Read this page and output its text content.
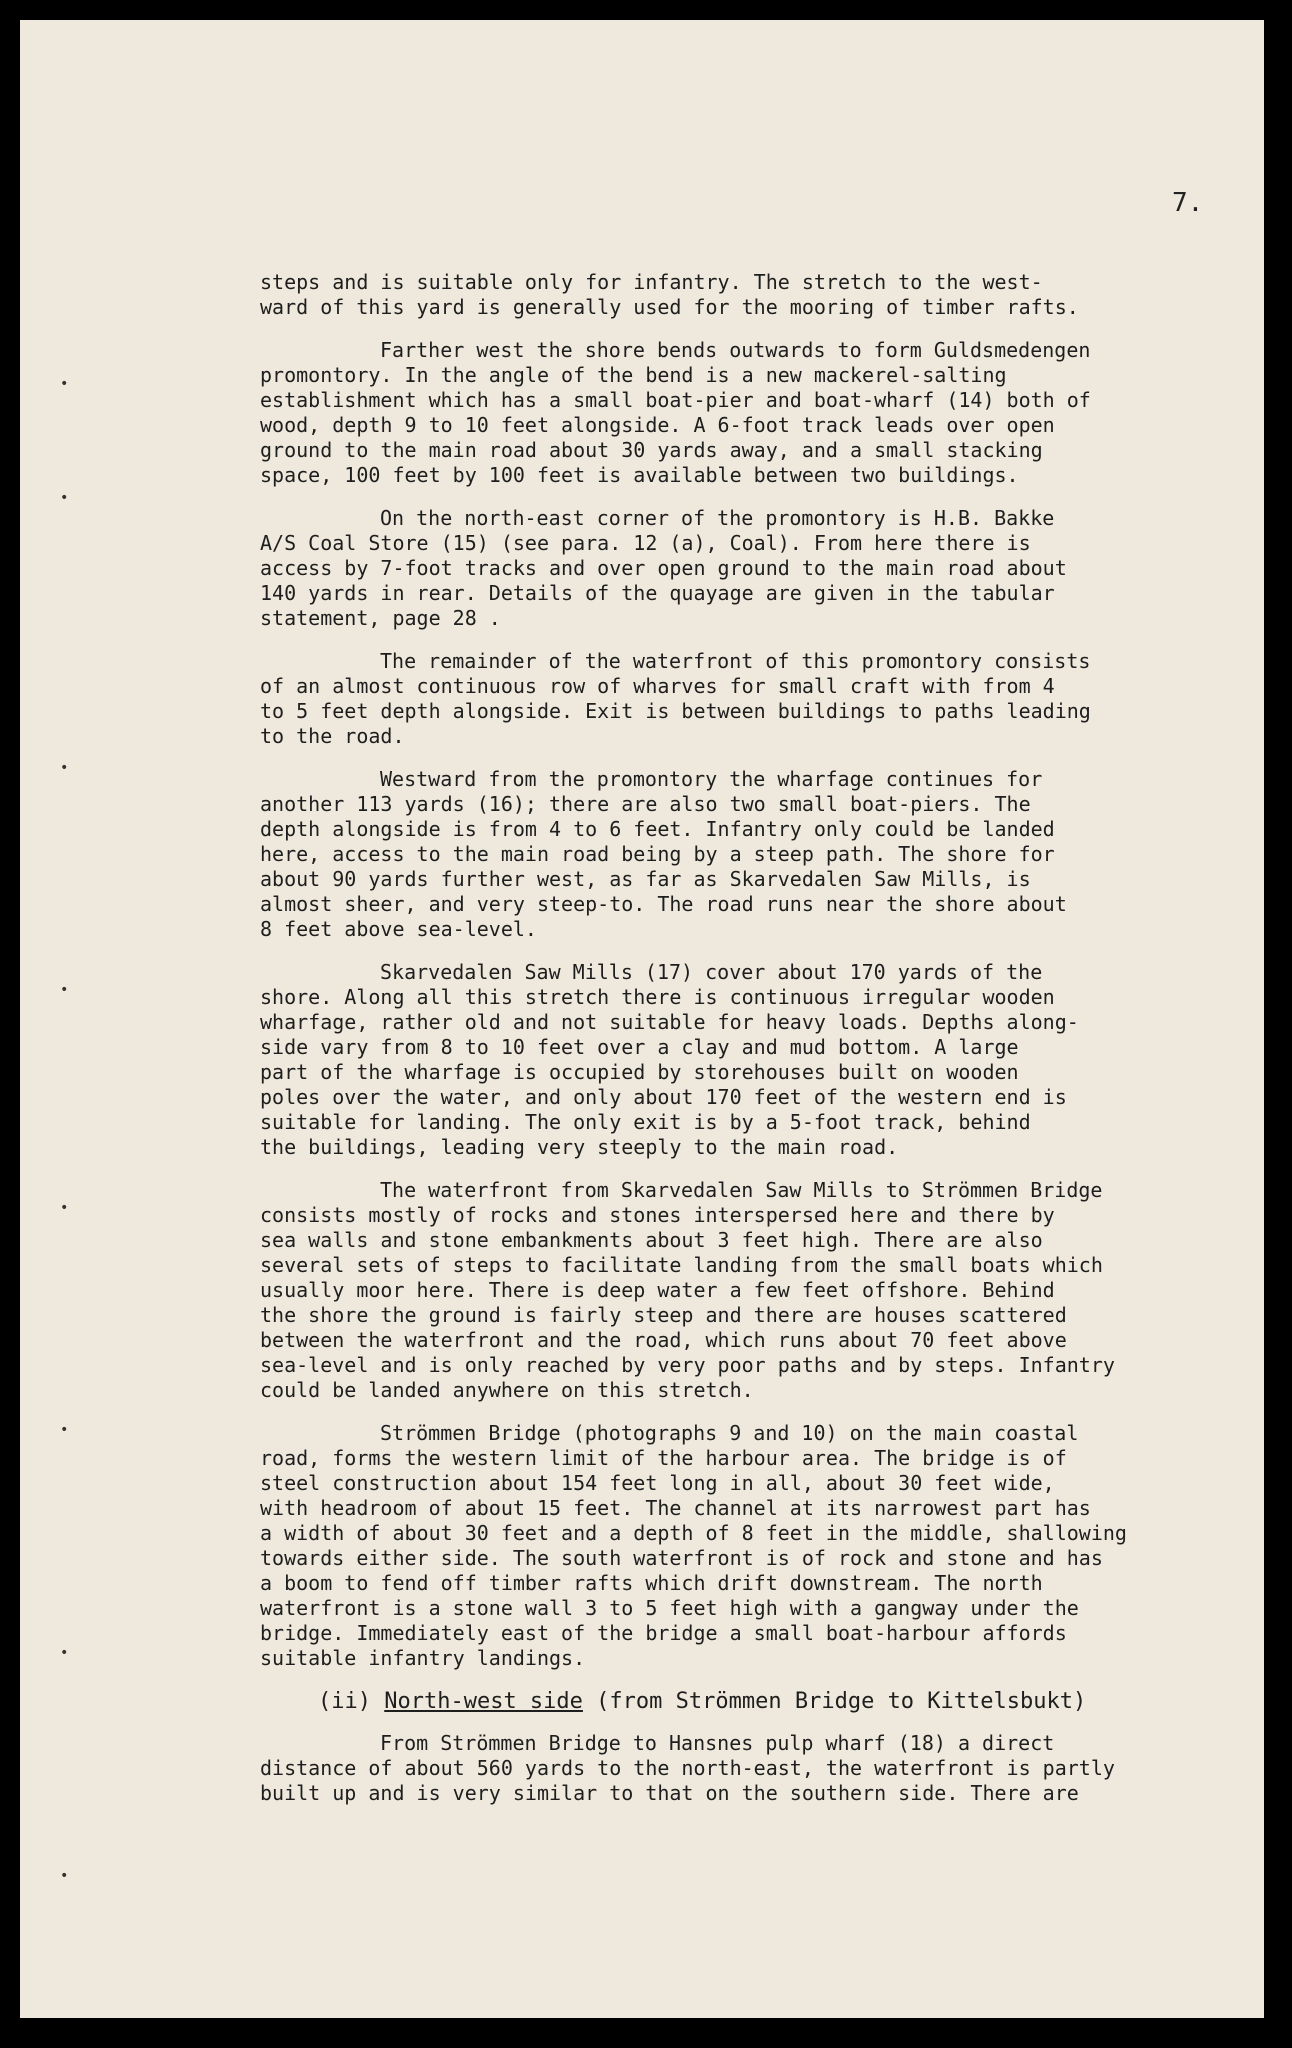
7.
•
•
•
•
•
•
•
•
steps and is suitable only for infantry. The stretch to the west-
ward of this yard is generally used for the mooring of timber rafts.
Farther west the shore bends outwards to form Guldsmedengen
promontory. In the angle of the bend is a new mackerel-salting
establishment which has a small boat-pier and boat-wharf (14) both of
wood, depth 9 to 10 feet alongside. A 6-foot track leads over open
ground to the main road about 30 yards away, and a small stacking
space, 100 feet by 100 feet is available between two buildings.
On the north-east corner of the promontory is H.B. Bakke
A/S Coal Store (15) (see para. 12 (a), Coal). From here there is
access by 7-foot tracks and over open ground to the main road about
140 yards in rear. Details of the quayage are given in the tabular
statement, page 28 .
The remainder of the waterfront of this promontory consists
of an almost continuous row of wharves for small craft with from 4
to 5 feet depth alongside. Exit is between buildings to paths leading
to the road.
Westward from the promontory the wharfage continues for
another 113 yards (16); there are also two small boat-piers. The
depth alongside is from 4 to 6 feet. Infantry only could be landed
here, access to the main road being by a steep path. The shore for
about 90 yards further west, as far as Skarvedalen Saw Mills, is
almost sheer, and very steep-to. The road runs near the shore about
8 feet above sea-level.
Skarvedalen Saw Mills (17) cover about 170 yards of the
shore. Along all this stretch there is continuous irregular wooden
wharfage, rather old and not suitable for heavy loads. Depths along-
side vary from 8 to 10 feet over a clay and mud bottom. A large
part of the wharfage is occupied by storehouses built on wooden
poles over the water, and only about 170 feet of the western end is
suitable for landing. The only exit is by a 5-foot track, behind
the buildings, leading very steeply to the main road.
The waterfront from Skarvedalen Saw Mills to Strömmen Bridge
consists mostly of rocks and stones interspersed here and there by
sea walls and stone embankments about 3 feet high. There are also
several sets of steps to facilitate landing from the small boats which
usually moor here. There is deep water a few feet offshore. Behind
the shore the ground is fairly steep and there are houses scattered
between the waterfront and the road, which runs about 70 feet above
sea-level and is only reached by very poor paths and by steps. Infantry
could be landed anywhere on this stretch.
Strömmen Bridge (photographs 9 and 10) on the main coastal
road, forms the western limit of the harbour area. The bridge is of
steel construction about 154 feet long in all, about 30 feet wide,
with headroom of about 15 feet. The channel at its narrowest part has
a width of about 30 feet and a depth of 8 feet in the middle, shallowing
towards either side. The south waterfront is of rock and stone and has
a boom to fend off timber rafts which drift downstream. The north
waterfront is a stone wall 3 to 5 feet high with a gangway under the
bridge. Immediately east of the bridge a small boat-harbour affords
suitable infantry landings.
(ii) North-west side (from Strömmen Bridge to Kittelsbukt)
From Strömmen Bridge to Hansnes pulp wharf (18) a direct
distance of about 560 yards to the north-east, the waterfront is partly
built up and is very similar to that on the southern side. There are
